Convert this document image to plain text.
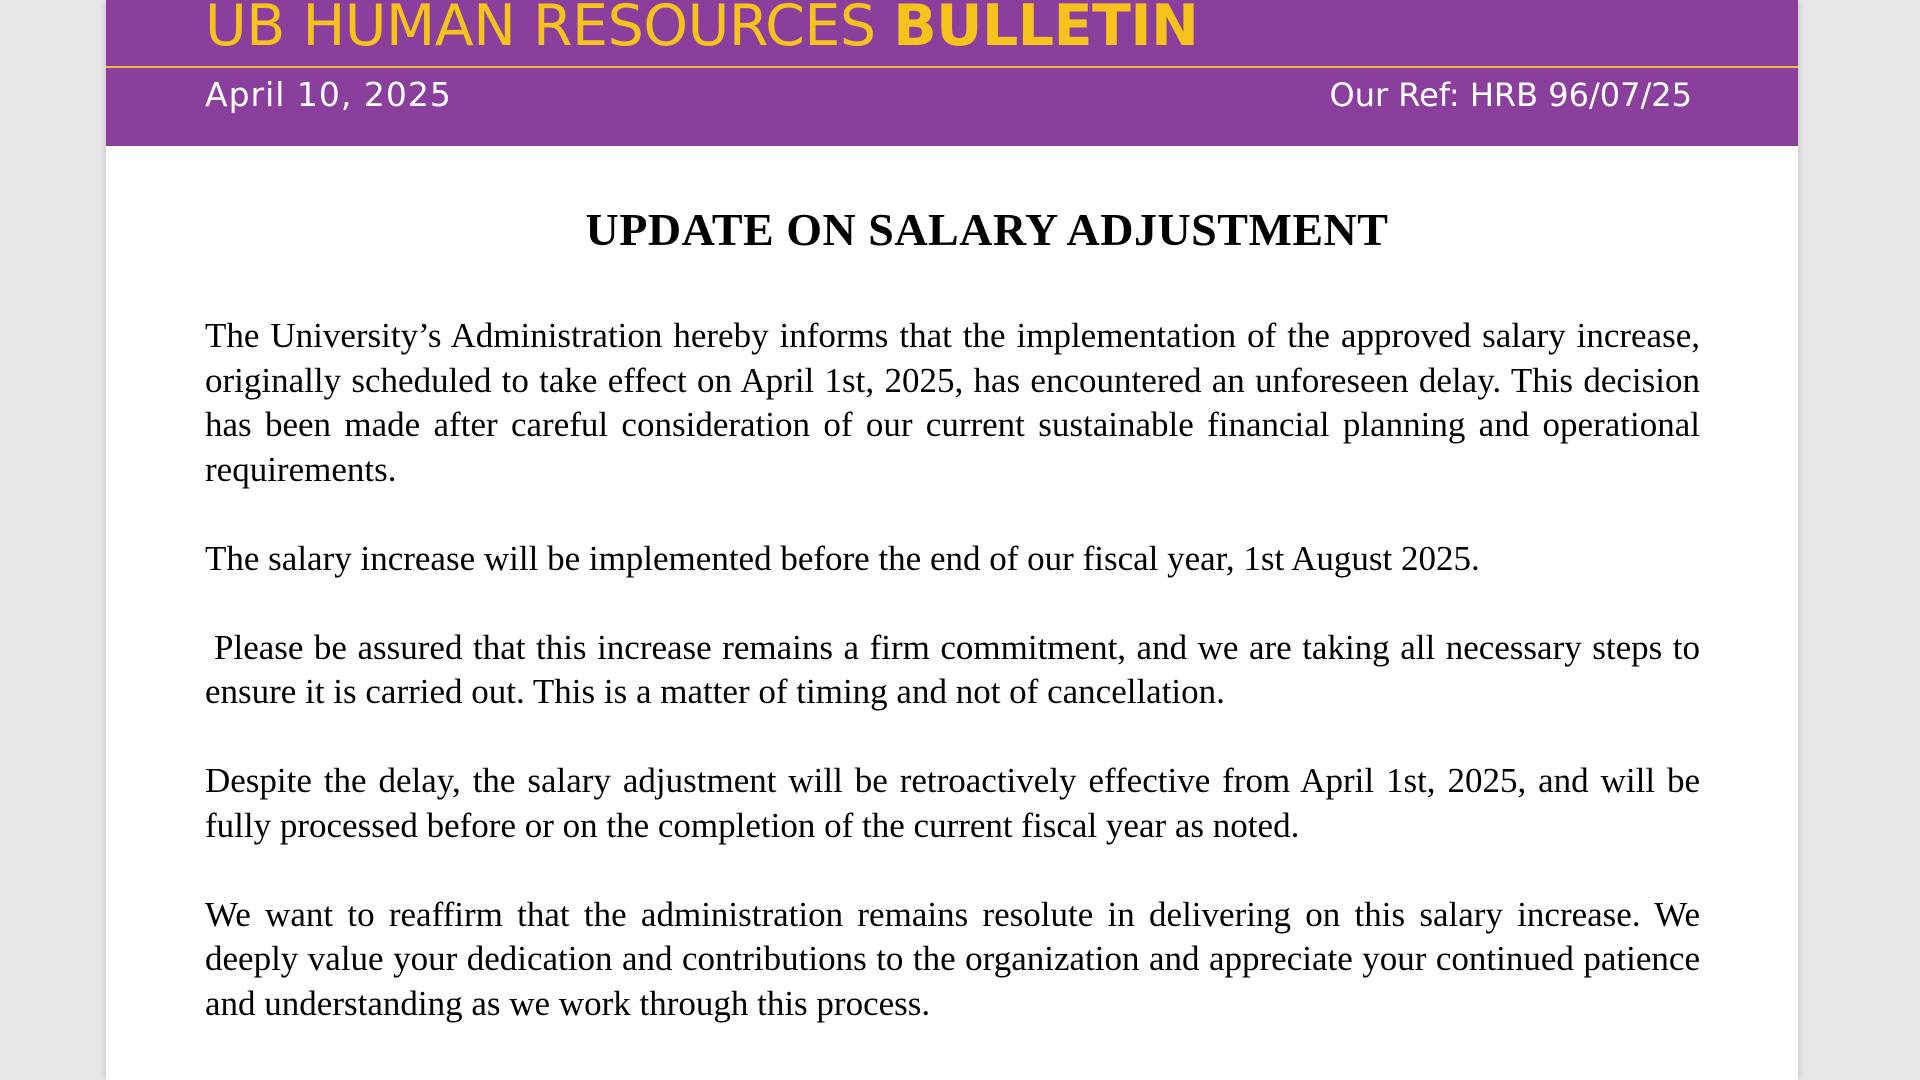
UB HUMAN RESOURCES BULLETIN
April 10, 2025	Our Ref: HRB 96/07/25
UPDATE ON SALARY ADJUSTMENT

The University’s Administration hereby informs that the implementation of the approved salary increase, originally scheduled to take effect on April 1st, 2025, has encountered an unforeseen delay. This decision has been made after careful consideration of our current sustainable financial planning and operational requirements.

The salary increase will be implemented before the end of our fiscal year, 1st August 2025.

Please be assured that this increase remains a firm commitment, and we are taking all necessary steps to ensure it is carried out. This is a matter of timing and not of cancellation.

Despite the delay, the salary adjustment will be retroactively effective from April 1st, 2025, and will be fully processed before or on the completion of the current fiscal year as noted.

We want to reaffirm that the administration remains resolute in delivering on this salary increase. We deeply value your dedication and contributions to the organization and appreciate your continued patience and understanding as we work through this process.
